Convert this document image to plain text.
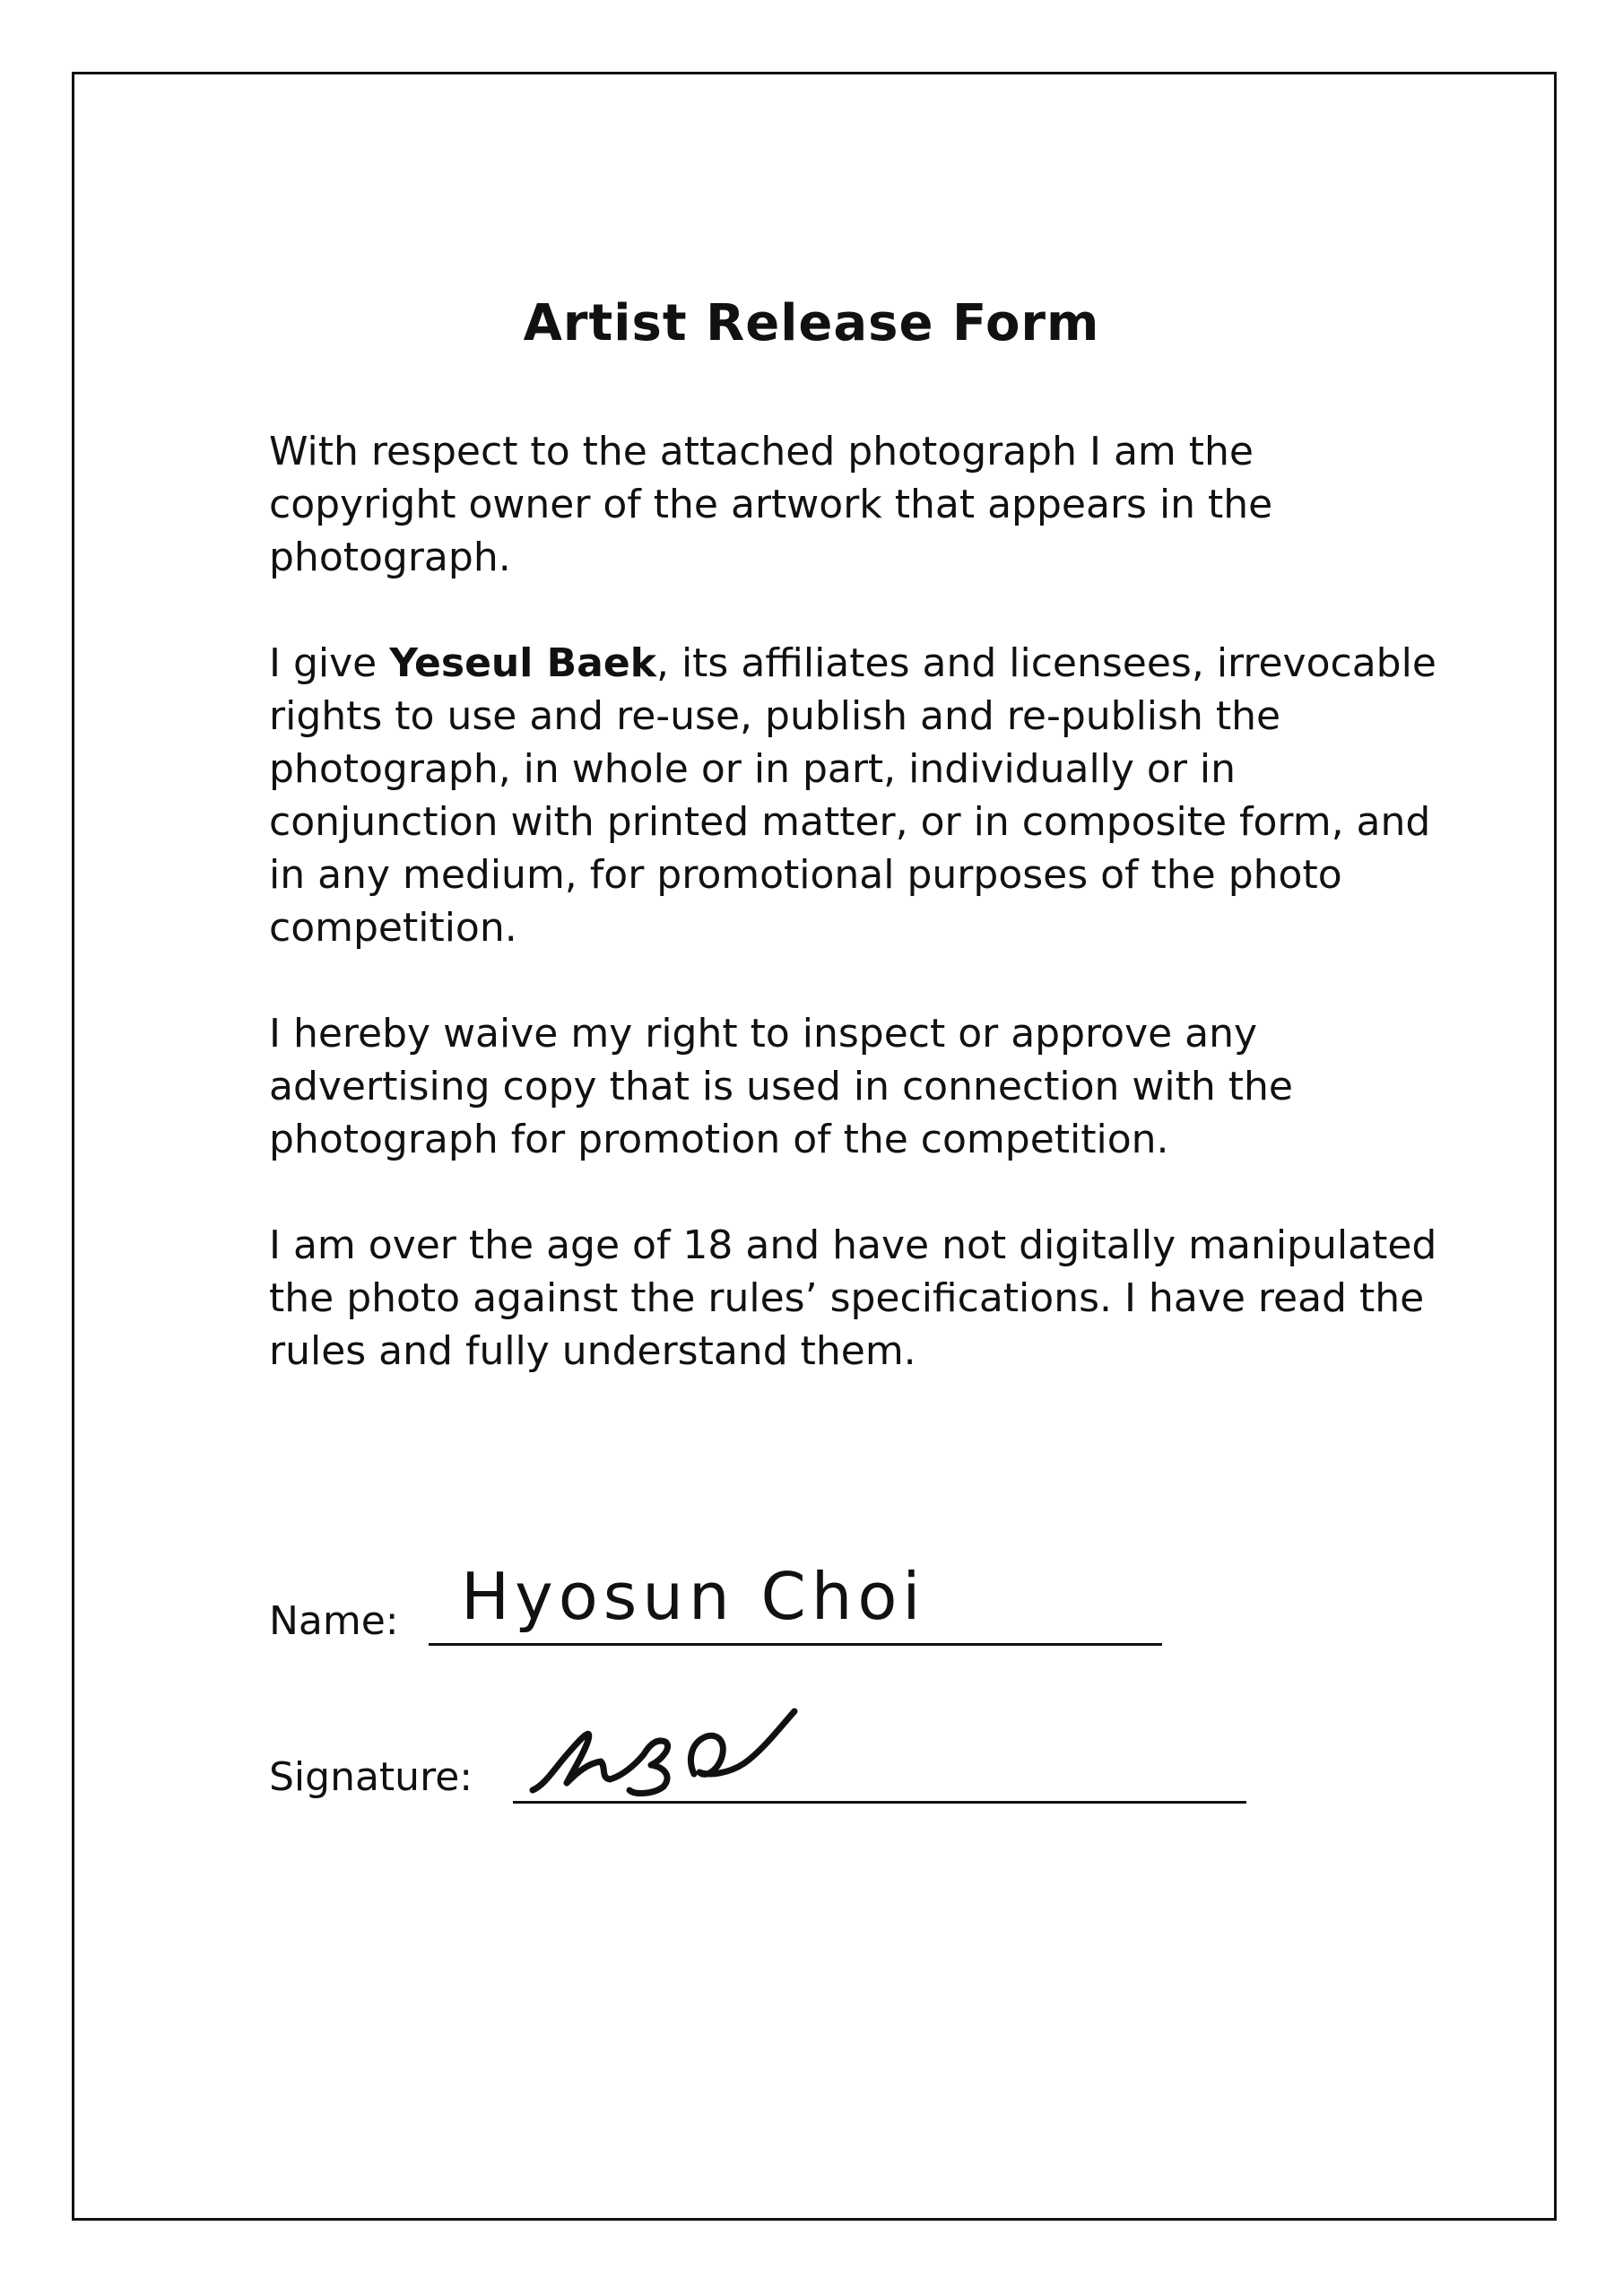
Artist Release Form

With respect to the attached photograph I am the copyright owner of the artwork that appears in the photograph.

I give Yeseul Baek, its affiliates and licensees, irrevocable rights to use and re-use, publish and re-publish the photograph, in whole or in part, individually or in conjunction with printed matter, or in composite form, and in any medium, for promotional purposes of the photo competition.

I hereby waive my right to inspect or approve any advertising copy that is used in connection with the photograph for promotion of the competition.

I am over the age of 18 and have not digitally manipulated the photo against the rules’ specifications. I have read the rules and fully understand them.

Name: Hyosun Choi
Signature:
